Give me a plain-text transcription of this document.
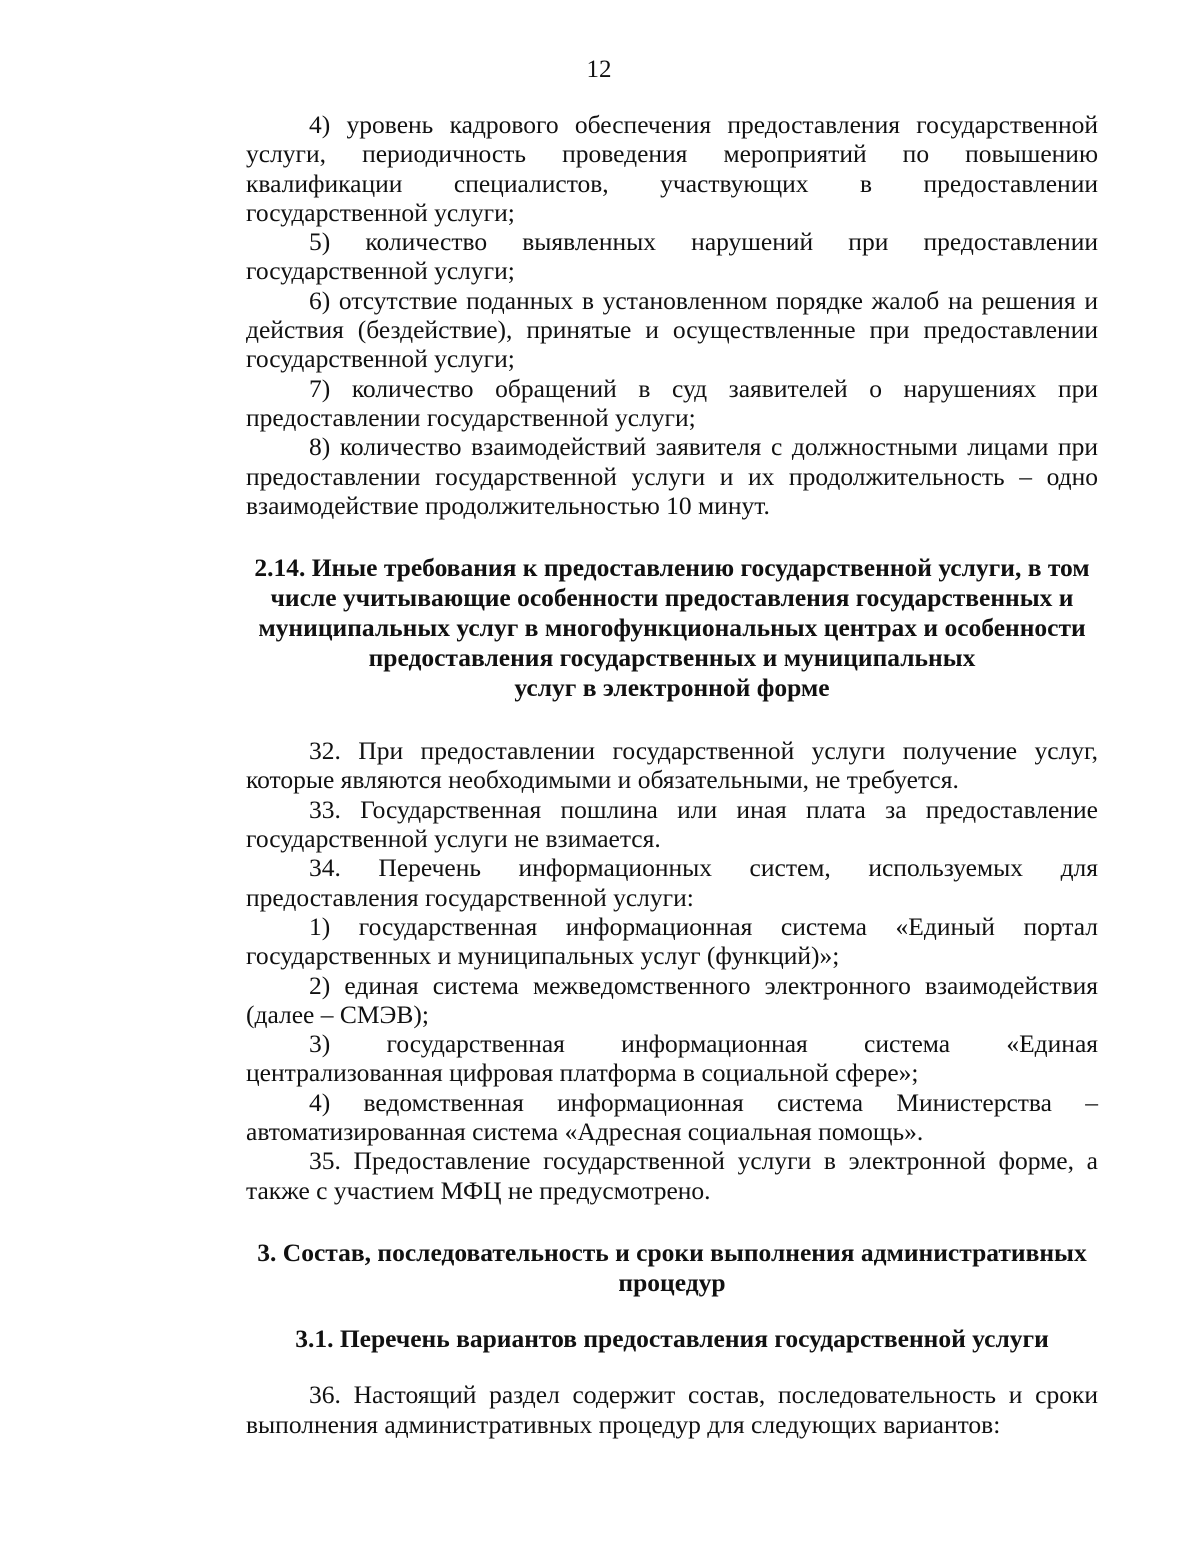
12

4) уровень кадрового обеспечения предоставления государственной услуги, периодичность проведения мероприятий по повышению квалификации специалистов, участвующих в предоставлении государственной услуги;

5) количество выявленных нарушений при предоставлении государственной услуги;

6) отсутствие поданных в установленном порядке жалоб на решения и действия (бездействие), принятые и осуществленные при предоставлении государственной услуги;

7) количество обращений в суд заявителей о нарушениях при предоставлении государственной услуги;

8) количество взаимодействий заявителя с должностными лицами при предоставлении государственной услуги и их продолжительность – одно взаимодействие продолжительностью 10 минут.

2.14. Иные требования к предоставлению государственной услуги, в том
числе учитывающие особенности предоставления государственных и
муниципальных услуг в многофункциональных центрах и особенности
предоставления государственных и муниципальных
услуг в электронной форме

32. При предоставлении государственной услуги получение услуг, которые являются необходимыми и обязательными, не требуется.

33. Государственная пошлина или иная плата за предоставление государственной услуги не взимается.

34. Перечень информационных систем, используемых для предоставления государственной услуги:

1) государственная информационная система «Единый портал государственных и муниципальных услуг (функций)»;

2) единая система межведомственного электронного взаимодействия (далее – СМЭВ);

3) государственная информационная система «Единая централизованная цифровая платформа в социальной сфере»;

4) ведомственная информационная система Министерства – автоматизированная система «Адресная социальная помощь».

35. Предоставление государственной услуги в электронной форме, а также с участием МФЦ не предусмотрено.

3. Состав, последовательность и сроки выполнения административных
процедур
3.1. Перечень вариантов предоставления государственной услуги

36. Настоящий раздел содержит состав, последовательность и сроки выполнения административных процедур для следующих вариантов:
